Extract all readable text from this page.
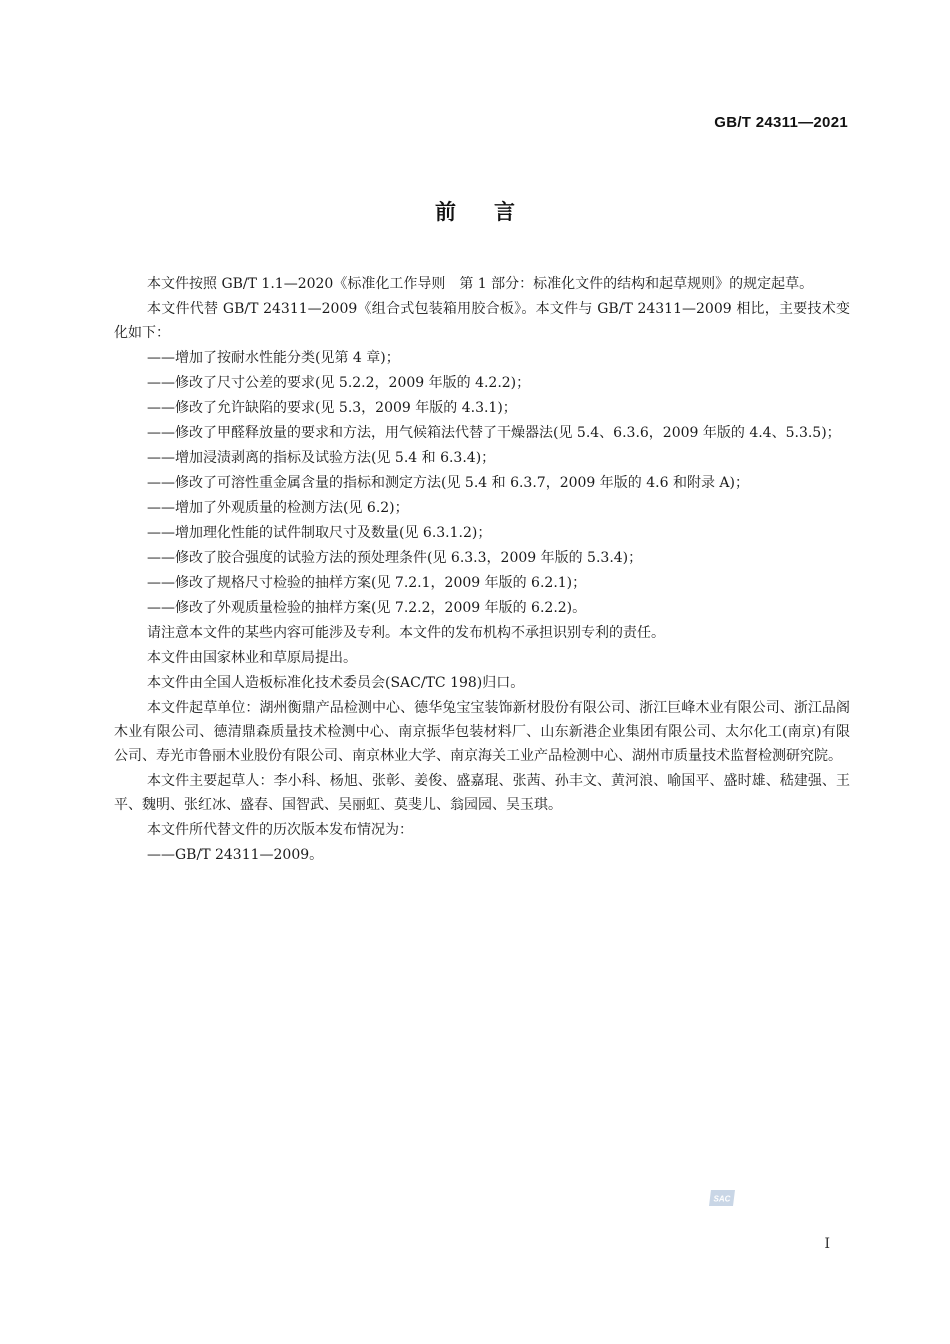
GB/T 24311—2021
前言

本文件按照 GB/T 1.1—2020《标准化工作导则　第 1 部分：标准化文件的结构和起草规则》的规定起草。

本文件代替 GB/T 24311—2009《组合式包装箱用胶合板》。本文件与 GB/T 24311—2009 相比，主要技术变化如下：

——增加了按耐水性能分类(见第 4 章)；

——修改了尺寸公差的要求(见 5.2.2，2009 年版的 4.2.2)；

——修改了允许缺陷的要求(见 5.3，2009 年版的 4.3.1)；

——修改了甲醛释放量的要求和方法，用气候箱法代替了干燥器法(见 5.4、6.3.6，2009 年版的 4.4、5.3.5)；

——增加浸渍剥离的指标及试验方法(见 5.4 和 6.3.4)；

——修改了可溶性重金属含量的指标和测定方法(见 5.4 和 6.3.7，2009 年版的 4.6 和附录 A)；

——增加了外观质量的检测方法(见 6.2)；

——增加理化性能的试件制取尺寸及数量(见 6.3.1.2)；

——修改了胶合强度的试验方法的预处理条件(见 6.3.3，2009 年版的 5.3.4)；

——修改了规格尺寸检验的抽样方案(见 7.2.1，2009 年版的 6.2.1)；

——修改了外观质量检验的抽样方案(见 7.2.2，2009 年版的 6.2.2)。

请注意本文件的某些内容可能涉及专利。本文件的发布机构不承担识别专利的责任。

本文件由国家林业和草原局提出。

本文件由全国人造板标准化技术委员会(SAC/TC 198)归口。

本文件起草单位：湖州衡鼎产品检测中心、德华兔宝宝装饰新材股份有限公司、浙江巨峰木业有限公司、浙江品阁木业有限公司、德清鼎森质量技术检测中心、南京振华包装材料厂、山东新港企业集团有限公司、太尔化工(南京)有限公司、寿光市鲁丽木业股份有限公司、南京林业大学、南京海关工业产品检测中心、湖州市质量技术监督检测研究院。

本文件主要起草人：李小科、杨旭、张彰、姜俊、盛嘉琨、张茜、孙丰文、黄河浪、喻国平、盛时雄、嵇建强、王平、魏明、张红冰、盛春、国智武、吴丽虹、莫斐儿、翁园园、吴玉琪。

本文件所代替文件的历次版本发布情况为：

——GB/T 24311—2009。

SAC
I
